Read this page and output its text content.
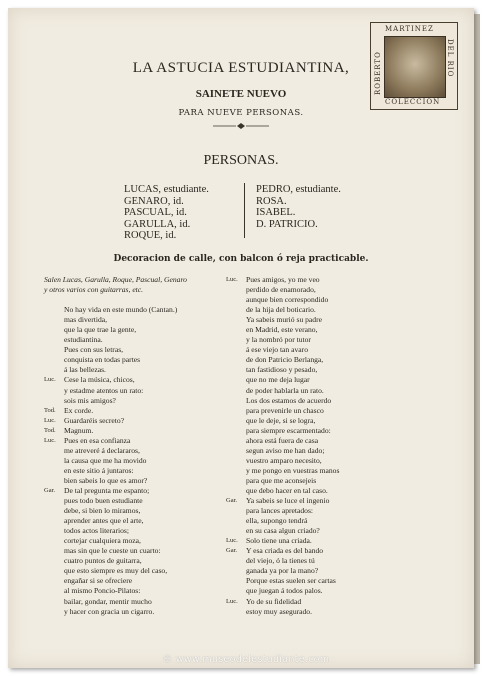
MARTINEZ
ROBERTO	DEL RIO
COLECCION
LA ASTUCIA ESTUDIANTINA,
SAINETE NUEVO
PARA NUEVE PERSONAS.
PERSONAS.
LUCAS, estudiante.
GENARO, id.
PASCUAL, id.
GARULLA, id.
ROQUE, id.
PEDRO, estudiante.
ROSA.
ISABEL.
D. PATRICIO.
Decoracion de calle, con balcon ó reja practicable.
Salen Lucas, Garulla, Roque, Pascual, Genaro
y otros varios con guitarras, etc.
No hay vida en este mundo (Cantan.)
mas divertida,
que la que trae la gente,
estudiantina.
Pues con sus letras,
conquista en todas partes
á las bellezas.
Luc. Cese la música, chicos,
y estadme atentos un rato:
sois mis amigos?
Tod. Ex corde.
Luc. Guardaréis secreto?
Tod. Magnum.
Luc. Pues en esa confianza
me atreveré á declararos,
la causa que me ha movido
en este sitio á juntaros:
bien sabeis lo que es amor?
Gar. De tal pregunta me espanto;
pues todo buen estudiante
debe, si bien lo miramos,
aprender antes que el arte,
todos actos literarios;
cortejar cualquiera moza,
mas sin que le cueste un cuarto:
cuatro puntos de guitarra,
que esto siempre es muy del caso,
engañar si se ofreciere
al mismo Poncio-Pilatos:
bailar, gondar, mentir mucho
y hacer con gracia un cigarro.
Luc. Pues amigos, yo me veo
perdido de enamorado,
aunque bien correspondido
de la hija del boticario.
Ya sabeis murió su padre
en Madrid, este verano,
y la nombró por tutor
á ese viejo tan avaro
de don Patricio Berlanga,
tan fastidioso y pesado,
que no me deja lugar
de poder hablarla un rato.
Los dos estamos de acuerdo
para prevenirle un chasco
que le deje, si se logra,
para siempre escarmentado:
ahora está fuera de casa
segun aviso me han dado;
vuestro amparo necesito,
y me pongo en vuestras manos
para que me aconsejeis
que debo hacer en tal caso.
Gar. Ya sabeis se luce el ingenio
para lances apretados:
ella, supongo tendrá
en su casa algun criado?
Luc. Solo tiene una criada.
Gar. Y esa criada es del bando
del viejo, ó la tienes tú
ganada ya por la mano?
Porque estas suelen ser cartas
que juegan á todos palos.
Luc. Yo de su fidelidad
estoy muy asegurado.
© www.museodelestudiante.com
